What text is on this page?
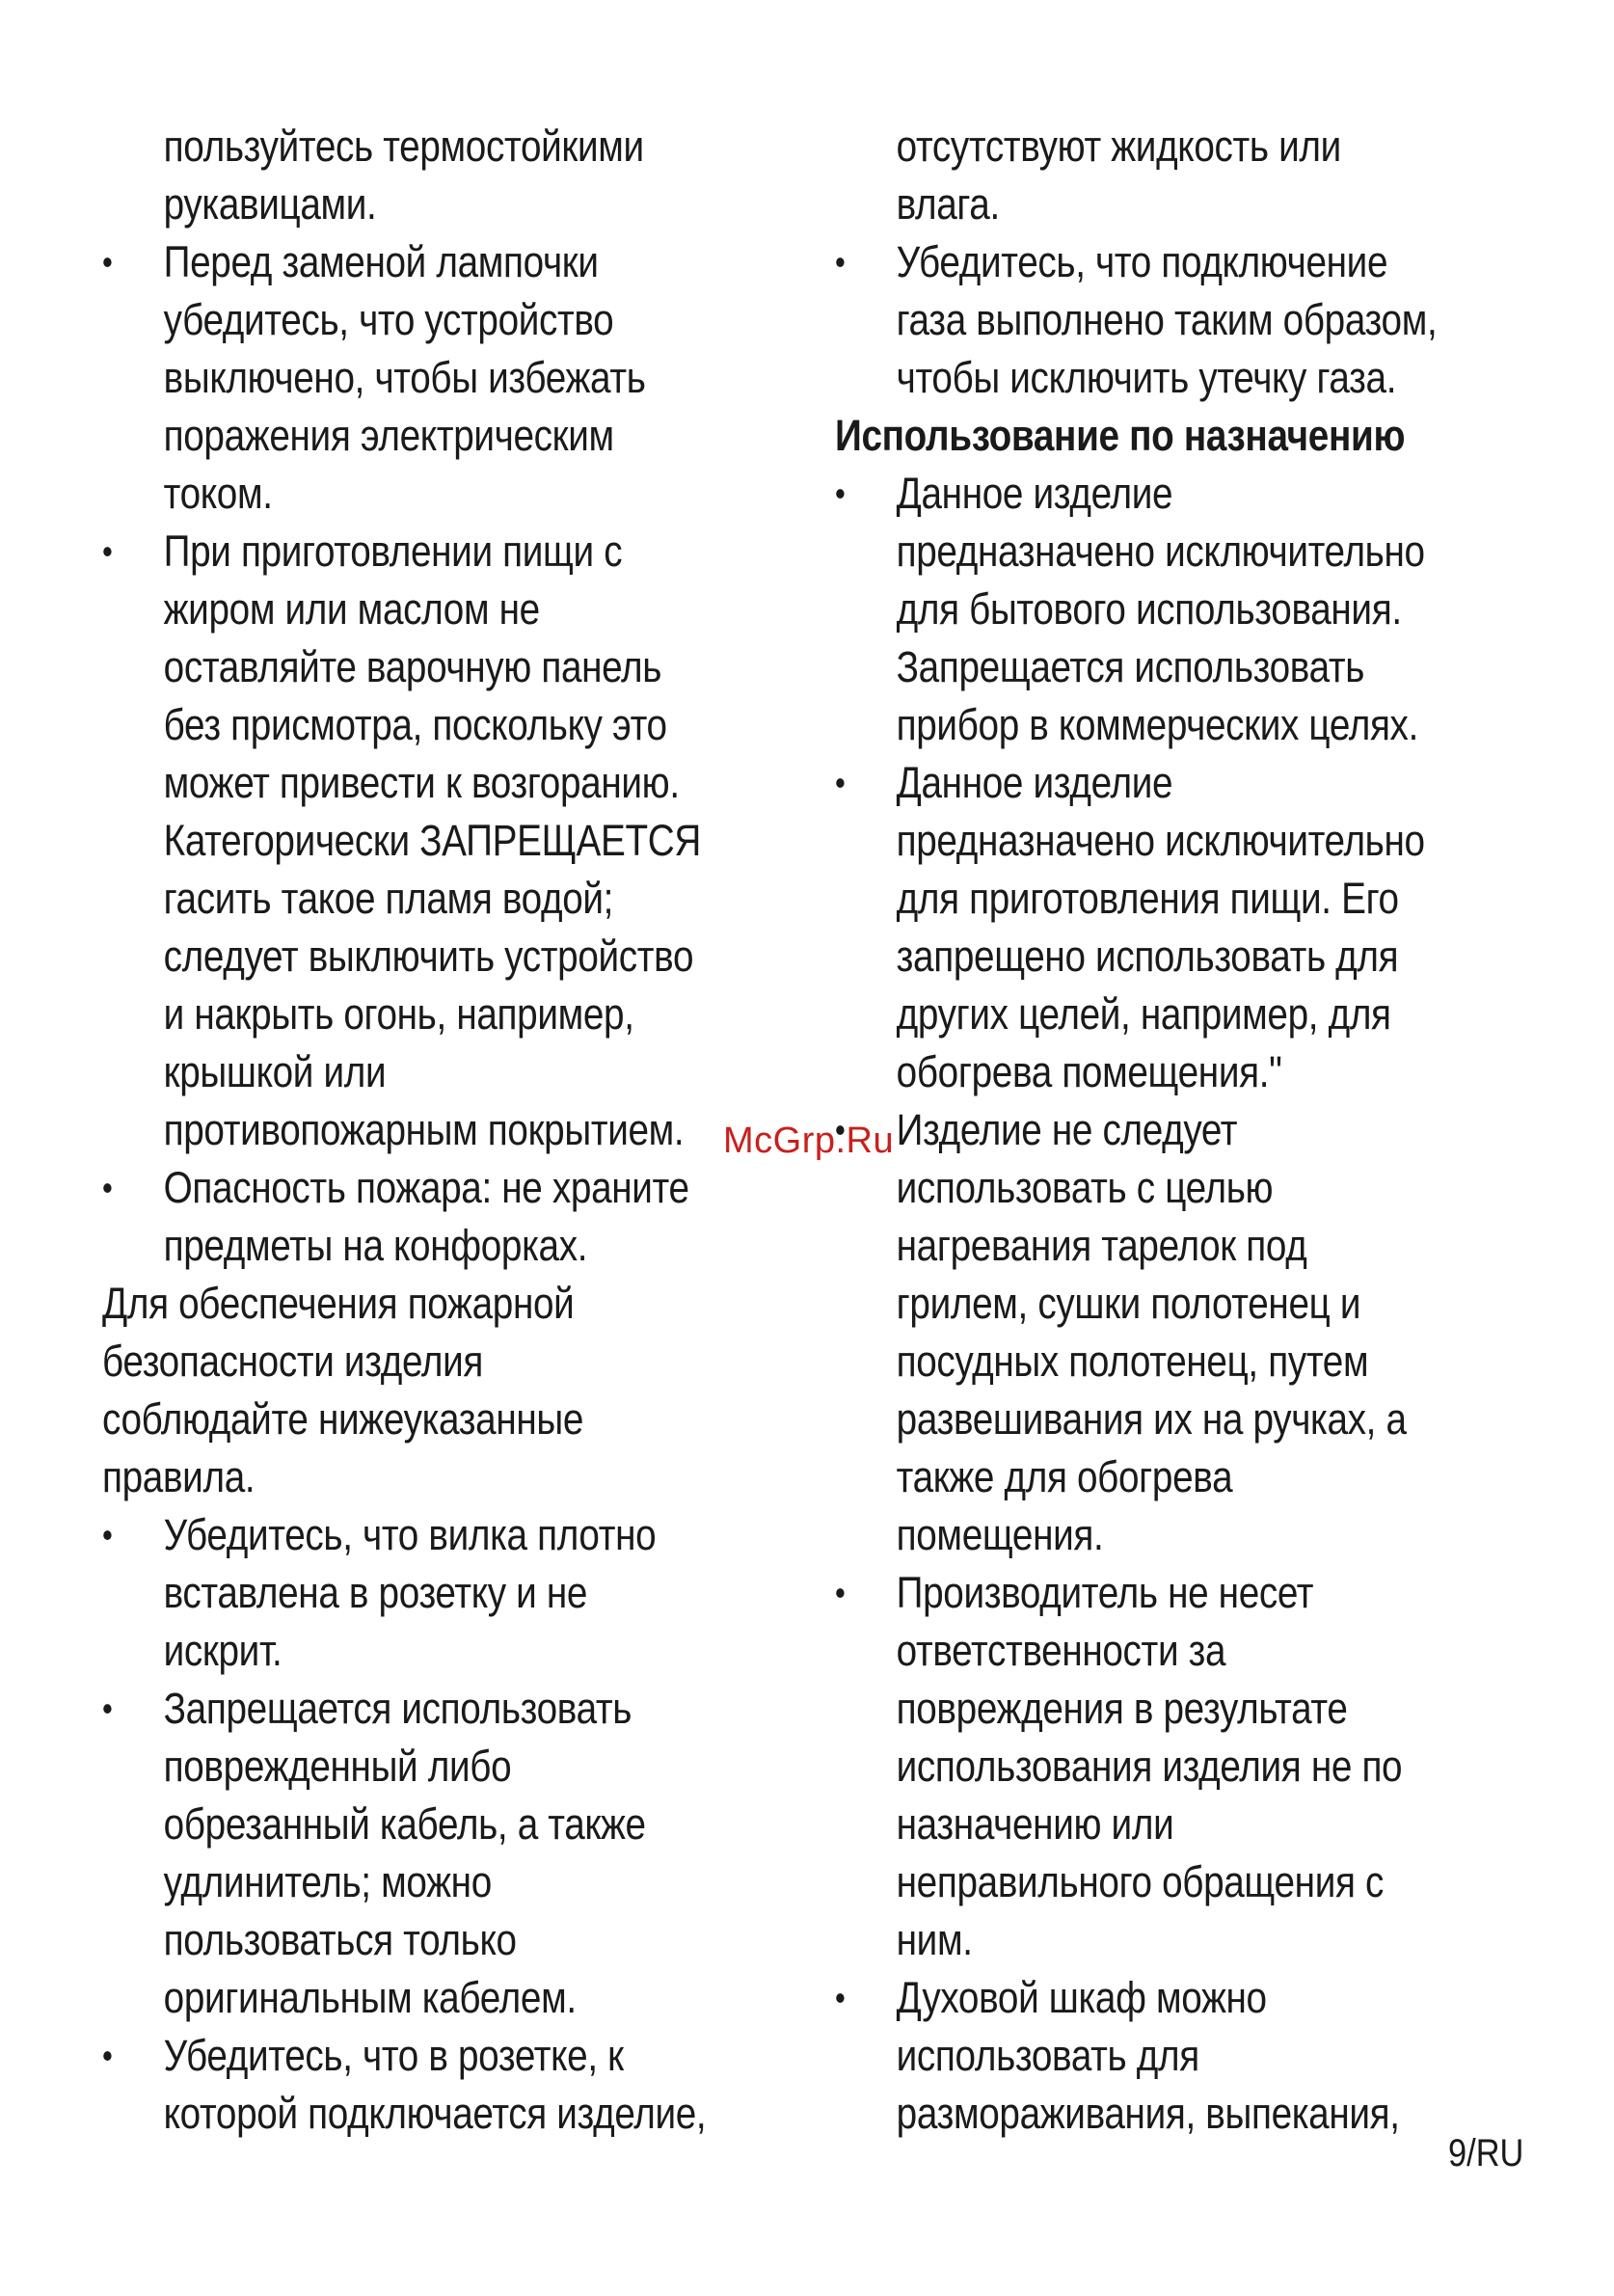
пользуйтесь термостойкими
рукавицами.
• Перед заменой лампочки
убедитесь, что устройство
выключено, чтобы избежать
поражения электрическим
током.
• При приготовлении пищи с
жиром или маслом не
оставляйте варочную панель
без присмотра, поскольку это
может привести к возгоранию.
Категорически ЗАПРЕЩАЕТСЯ
гасить такое пламя водой;
следует выключить устройство
и накрыть огонь, например,
крышкой или
противопожарным покрытием.
• Опасность пожара: не храните
предметы на конфорках.
Для обеспечения пожарной
безопасности изделия
соблюдайте нижеуказанные
правила.
• Убедитесь, что вилка плотно
вставлена в розетку и не
искрит.
• Запрещается использовать
поврежденный либо
обрезанный кабель, а также
удлинитель; можно
пользоваться только
оригинальным кабелем.
• Убедитесь, что в розетке, к
которой подключается изделие,
отсутствуют жидкость или
влага.
• Убедитесь, что подключение
газа выполнено таким образом,
чтобы исключить утечку газа.
Использование по назначению
• Данное изделие
предназначено исключительно
для бытового использования.
Запрещается использовать
прибор в коммерческих целях.
• Данное изделие
предназначено исключительно
для приготовления пищи. Его
запрещено использовать для
других целей, например, для
обогрева помещения."
• Изделие не следует
использовать с целью
нагревания тарелок под
грилем, сушки полотенец и
посудных полотенец, путем
развешивания их на ручках, а
также для обогрева
помещения.
• Производитель не несет
ответственности за
повреждения в результате
использования изделия не по
назначению или
неправильного обращения с
ним.
• Духовой шкаф можно
использовать для
размораживания, выпекания,
McGrp.Ru
9/RU
